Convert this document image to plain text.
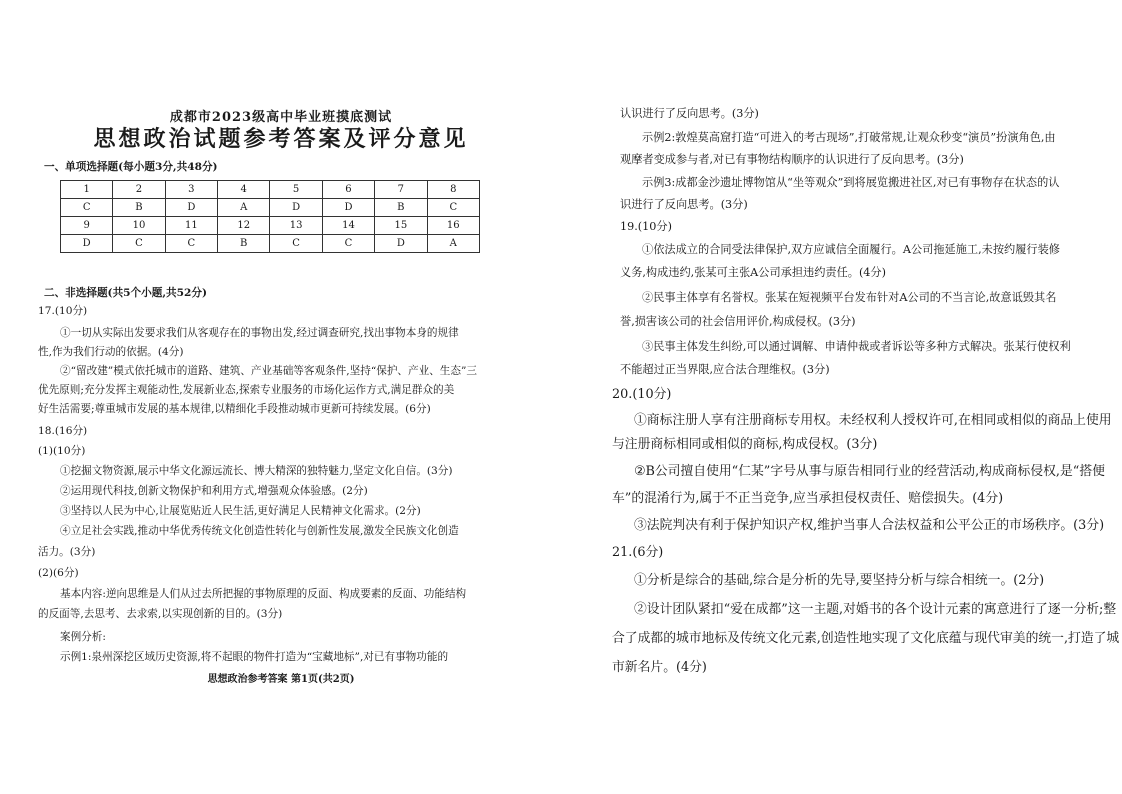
成都市2023级高中毕业班摸底测试
思想政治试题参考答案及评分意见
一、单项选择题(每小题3分,共48分)
1	2	3	4	5	6	7	8
C	B	D	A	D	D	B	C
9	10	11	12	13	14	15	16
D	C	C	B	C	C	D	A
二、非选择题(共5个小题,共52分)
17.(10分)
①一切从实际出发要求我们从客观存在的事物出发,经过调查研究,找出事物本身的规律
性,作为我们行动的依据。(4分)
②“留改建”模式依托城市的道路、建筑、产业基础等客观条件,坚持“保护、产业、生态”三
优先原则;充分发挥主观能动性,发展新业态,探索专业服务的市场化运作方式,满足群众的美
好生活需要;尊重城市发展的基本规律,以精细化手段推动城市更新可持续发展。(6分)
18.(16分)
(1)(10分)
①挖掘文物资源,展示中华文化源远流长、博大精深的独特魅力,坚定文化自信。(3分)
②运用现代科技,创新文物保护和利用方式,增强观众体验感。(2分)
③坚持以人民为中心,让展览贴近人民生活,更好满足人民精神文化需求。(2分)
④立足社会实践,推动中华优秀传统文化创造性转化与创新性发展,激发全民族文化创造
活力。(3分)
(2)(6分)
基本内容:逆向思维是人们从过去所把握的事物原理的反面、构成要素的反面、功能结构
的反面等,去思考、去求索,以实现创新的目的。(3分)
案例分析:
示例1:泉州深挖区域历史资源,将不起眼的物件打造为“宝藏地标”,对已有事物功能的
思想政治参考答案 第1页(共2页)
认识进行了反向思考。(3分)
示例2:敦煌莫高窟打造“可进入的考古现场”,打破常规,让观众秒变“演员”扮演角色,由
观摩者变成参与者,对已有事物结构顺序的认识进行了反向思考。(3分)
示例3:成都金沙遗址博物馆从“坐等观众”到将展览搬进社区,对已有事物存在状态的认
识进行了反向思考。(3分)
19.(10分)
①依法成立的合同受法律保护,双方应诚信全面履行。A公司拖延施工,未按约履行装修
义务,构成违约,张某可主张A公司承担违约责任。(4分)
②民事主体享有名誉权。张某在短视频平台发布针对A公司的不当言论,故意诋毁其名
誉,损害该公司的社会信用评价,构成侵权。(3分)
③民事主体发生纠纷,可以通过调解、申请仲裁或者诉讼等多种方式解决。张某行使权利
不能超过正当界限,应合法合理维权。(3分)
20.(10分)
①商标注册人享有注册商标专用权。未经权利人授权许可,在相同或相似的商品上使用
与注册商标相同或相似的商标,构成侵权。(3分)
②B公司擅自使用“仁某”字号从事与原告相同行业的经营活动,构成商标侵权,是“搭便
车”的混淆行为,属于不正当竞争,应当承担侵权责任、赔偿损失。(4分)
③法院判决有利于保护知识产权,维护当事人合法权益和公平公正的市场秩序。(3分)
21.(6分)
①分析是综合的基础,综合是分析的先导,要坚持分析与综合相统一。(2分)
②设计团队紧扣“爱在成都”这一主题,对婚书的各个设计元素的寓意进行了逐一分析;整
合了成都的城市地标及传统文化元素,创造性地实现了文化底蕴与现代审美的统一,打造了城
市新名片。(4分)
